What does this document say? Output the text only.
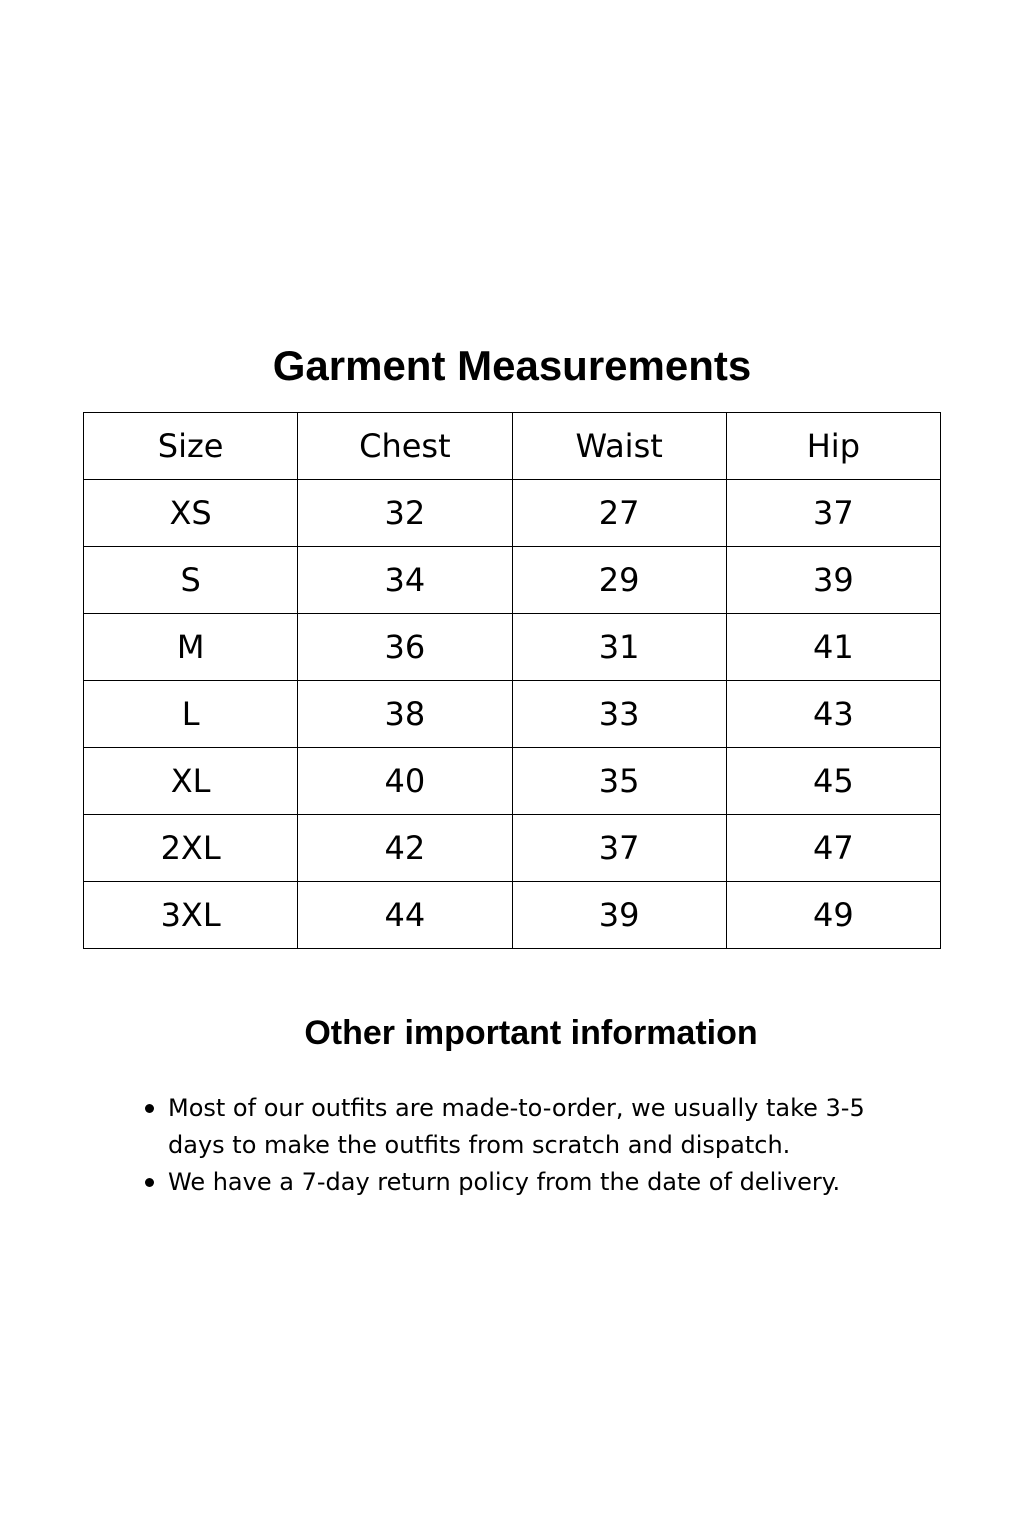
Garment Measurements
Size	Chest	Waist	Hip
XS	32	27	37
S	34	29	39
M	36	31	41
L	38	33	43
XL	40	35	45
2XL	42	37	47
3XL	44	39	49
Other important information
Most of our outfits are made-to-order, we usually take 3-5 days to make the outfits from scratch and dispatch.
We have a 7-day return policy from the date of delivery.
